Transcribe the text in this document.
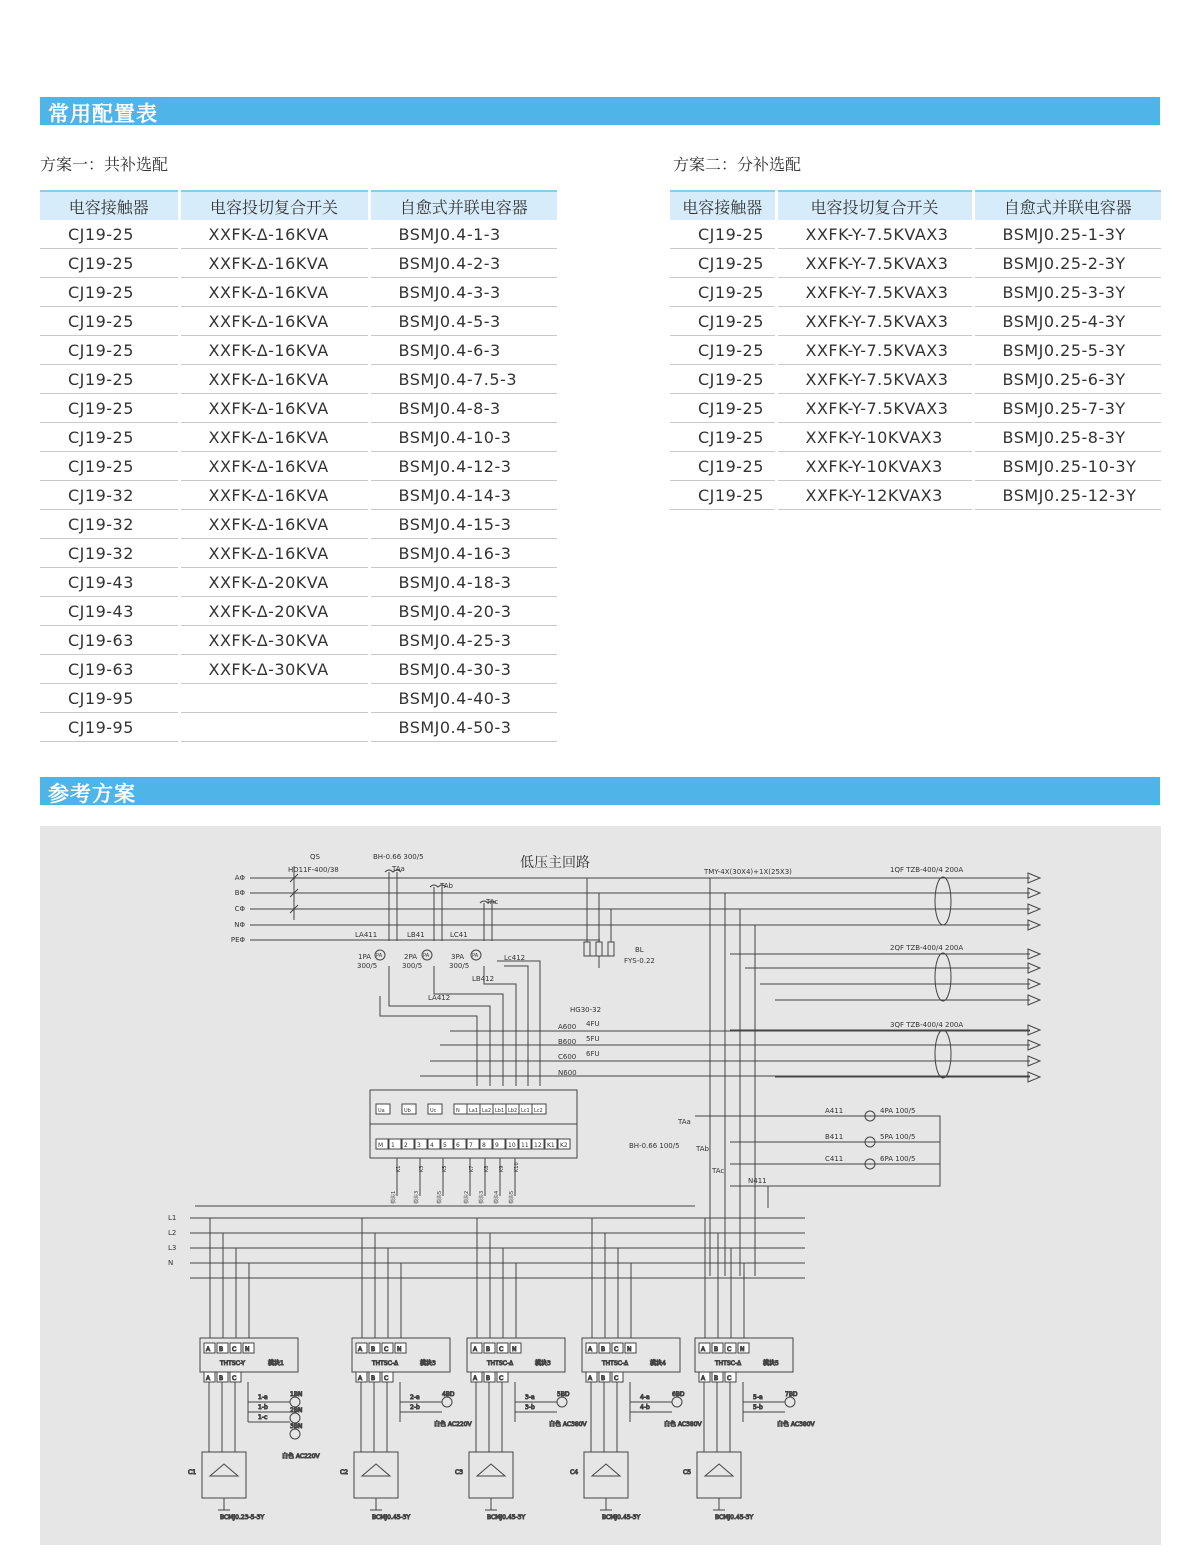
常用配置表
方案一：共补选配	方案二：分补选配
电容接触器	电容投切复合开关	自愈式并联电容器
CJ19-25	XXFK-Δ-16KVA	BSMJ0.4-1-3
CJ19-25	XXFK-Δ-16KVA	BSMJ0.4-2-3
CJ19-25	XXFK-Δ-16KVA	BSMJ0.4-3-3
CJ19-25	XXFK-Δ-16KVA	BSMJ0.4-5-3
CJ19-25	XXFK-Δ-16KVA	BSMJ0.4-6-3
CJ19-25	XXFK-Δ-16KVA	BSMJ0.4-7.5-3
CJ19-25	XXFK-Δ-16KVA	BSMJ0.4-8-3
CJ19-25	XXFK-Δ-16KVA	BSMJ0.4-10-3
CJ19-25	XXFK-Δ-16KVA	BSMJ0.4-12-3
CJ19-32	XXFK-Δ-16KVA	BSMJ0.4-14-3
CJ19-32	XXFK-Δ-16KVA	BSMJ0.4-15-3
CJ19-32	XXFK-Δ-16KVA	BSMJ0.4-16-3
CJ19-43	XXFK-Δ-20KVA	BSMJ0.4-18-3
CJ19-43	XXFK-Δ-20KVA	BSMJ0.4-20-3
CJ19-63	XXFK-Δ-30KVA	BSMJ0.4-25-3
CJ19-63	XXFK-Δ-30KVA	BSMJ0.4-30-3
CJ19-95		BSMJ0.4-40-3
CJ19-95		BSMJ0.4-50-3
电容接触器	电容投切复合开关	自愈式并联电容器
CJ19-25	XXFK-Y-7.5KVAX3	BSMJ0.25-1-3Y
CJ19-25	XXFK-Y-7.5KVAX3	BSMJ0.25-2-3Y
CJ19-25	XXFK-Y-7.5KVAX3	BSMJ0.25-3-3Y
CJ19-25	XXFK-Y-7.5KVAX3	BSMJ0.25-4-3Y
CJ19-25	XXFK-Y-7.5KVAX3	BSMJ0.25-5-3Y
CJ19-25	XXFK-Y-7.5KVAX3	BSMJ0.25-6-3Y
CJ19-25	XXFK-Y-7.5KVAX3	BSMJ0.25-7-3Y
CJ19-25	XXFK-Y-10KVAX3	BSMJ0.25-8-3Y
CJ19-25	XXFK-Y-10KVAX3	BSMJ0.25-10-3Y
CJ19-25	XXFK-Y-12KVAX3	BSMJ0.25-12-3Y
参考方案
A B C N
THTSC-Y	模块1
A B C
1BN
2BN
3BN
1-a
1-b
1-c
白色 AC220V
C1
BCMJ0.23-5-3Y
A B C N
THTSC-Δ	模块3
A B C
4BD
2-a
2-b
白色 AC220V
C2
BCMJ0.45-3Y
A B C N
THTSC-Δ	模块3
A B C
5BD
3-a
3-b
白色 AC380V
C3
BCMJ0.45-3Y
A B C N
THTSC-Δ	模块4
A B C
6BD
4-a
4-b
白色 AC380V
C4
BCMJ0.45-3Y
A B C N
THTSC-Δ	模块5
A B C
7BD
5-a
5-b
白色 AC380V
C5
BCMJ0.45-3Y
低压主回路
QS
HD11F-400/38
BH-0.66 300/5
TAa
TAb
TAc
TMY-4X(30X4)+1X(25X3)	1QF TZB-400/4 200A
2QF TZB-400/4 200A
3QF TZB-400/4 200A
LA411	LB41	LC41
1PA	2PA	3PA
300/5	300/5	300/5
PA	PA	PA
LA412
LB412
Lc412
BL
FYS-0.22
HG30-32
A600
B600
C600
N600
4FU
5FU
6FU
TAa
TAb
TAc
BH-0.66 100/5
A411
B411
C411
N411
4PA 100/5
5PA 100/5
6PA 100/5
AΦ
BΦ
CΦ
NΦ
PEΦ
Ua	Ub	Uc	N La1 La2 Lb1 Lb2 Lc1 Lc2
M 1 2 3 4 5 6 7 8 9 10 11 12 K1 K2
L1
L2
L3
N
K1	K3	K5	K7 K8 K9 K10
模块1	模块3	模块5	模块2 模块3 模块4 模块5
